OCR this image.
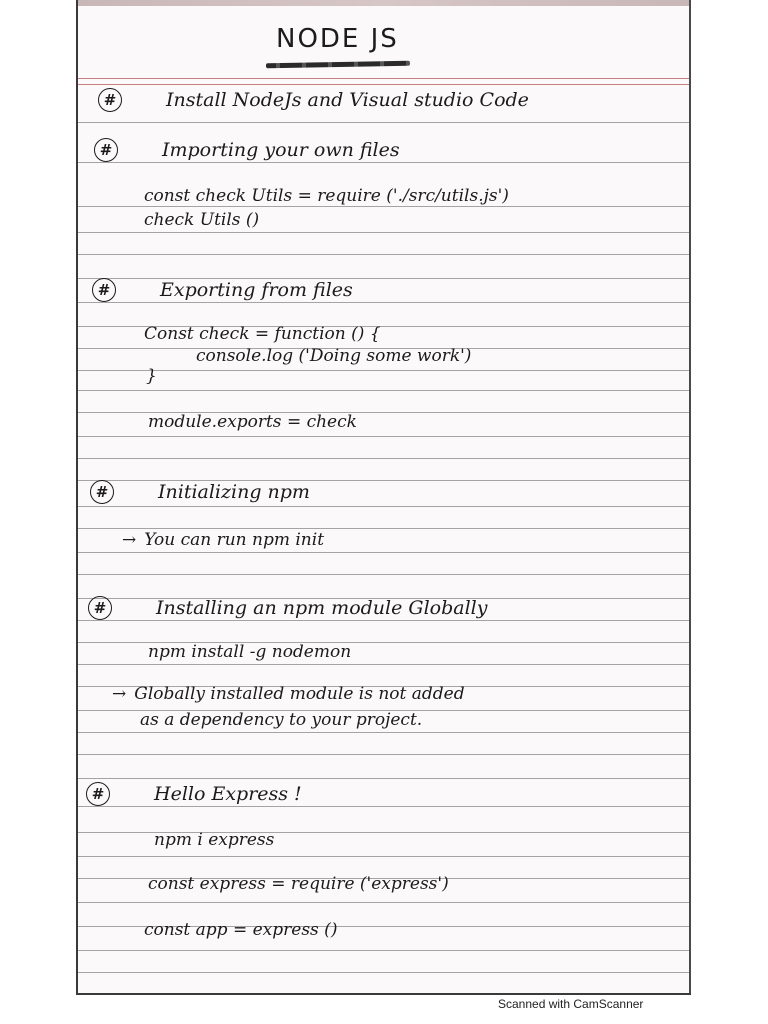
NODE JS
#	Install NodeJs and Visual studio Code
#	Importing your own files
const check Utils = require ('./src/utils.js')
check Utils ()
#	Exporting from files
Const check = function () {
console.log ('Doing some work')
}
module.exports = check
#	Initializing npm
→ You can run npm init
#	Installing an npm module Globally
npm install -g nodemon
→ Globally installed module is not added
as a dependency to your project.
#	Hello Express !
npm i express
const express = require ('express')
const app = express ()
Scanned with CamScanner
